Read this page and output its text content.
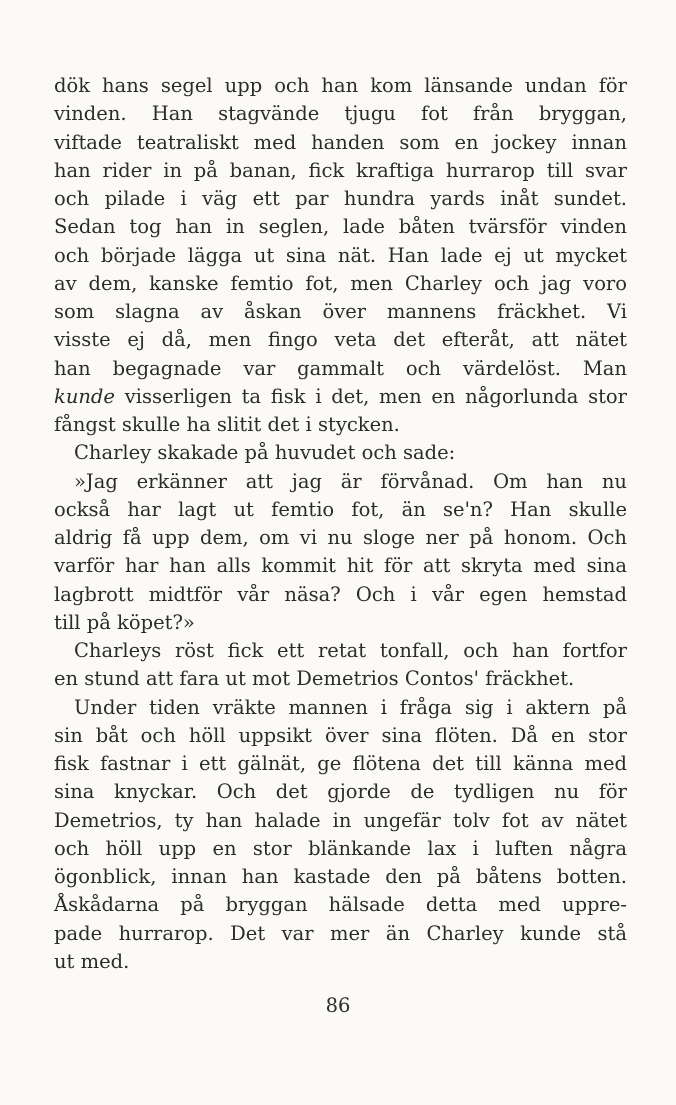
dök hans segel upp och han kom länsande undan för
vinden. Han stagvände tjugu fot från bryggan,
viftade teatraliskt med handen som en jockey innan
han rider in på banan, fick kraftiga hurrarop till svar
och pilade i väg ett par hundra yards inåt sundet.
Sedan tog han in seglen, lade båten tvärsför vinden
och började lägga ut sina nät. Han lade ej ut mycket
av dem, kanske femtio fot, men Charley och jag voro
som slagna av åskan över mannens fräckhet. Vi
visste ej då, men fingo veta det efteråt, att nätet
han begagnade var gammalt och värdelöst. Man
kunde visserligen ta fisk i det, men en någorlunda stor
fångst skulle ha slitit det i stycken.
Charley skakade på huvudet och sade:
»Jag erkänner att jag är förvånad. Om han nu
också har lagt ut femtio fot, än se'n? Han skulle
aldrig få upp dem, om vi nu sloge ner på honom. Och
varför har han alls kommit hit för att skryta med sina
lagbrott midtför vår näsa? Och i vår egen hemstad
till på köpet?»
Charleys röst fick ett retat tonfall, och han fortfor
en stund att fara ut mot Demetrios Contos' fräckhet.
Under tiden vräkte mannen i fråga sig i aktern på
sin båt och höll uppsikt över sina flöten. Då en stor
fisk fastnar i ett gälnät, ge flötena det till känna med
sina knyckar. Och det gjorde de tydligen nu för
Demetrios, ty han halade in ungefär tolv fot av nätet
och höll upp en stor blänkande lax i luften några
ögonblick, innan han kastade den på båtens botten.
Åskådarna på bryggan hälsade detta med uppre-
pade hurrarop. Det var mer än Charley kunde stå
ut med.
86
